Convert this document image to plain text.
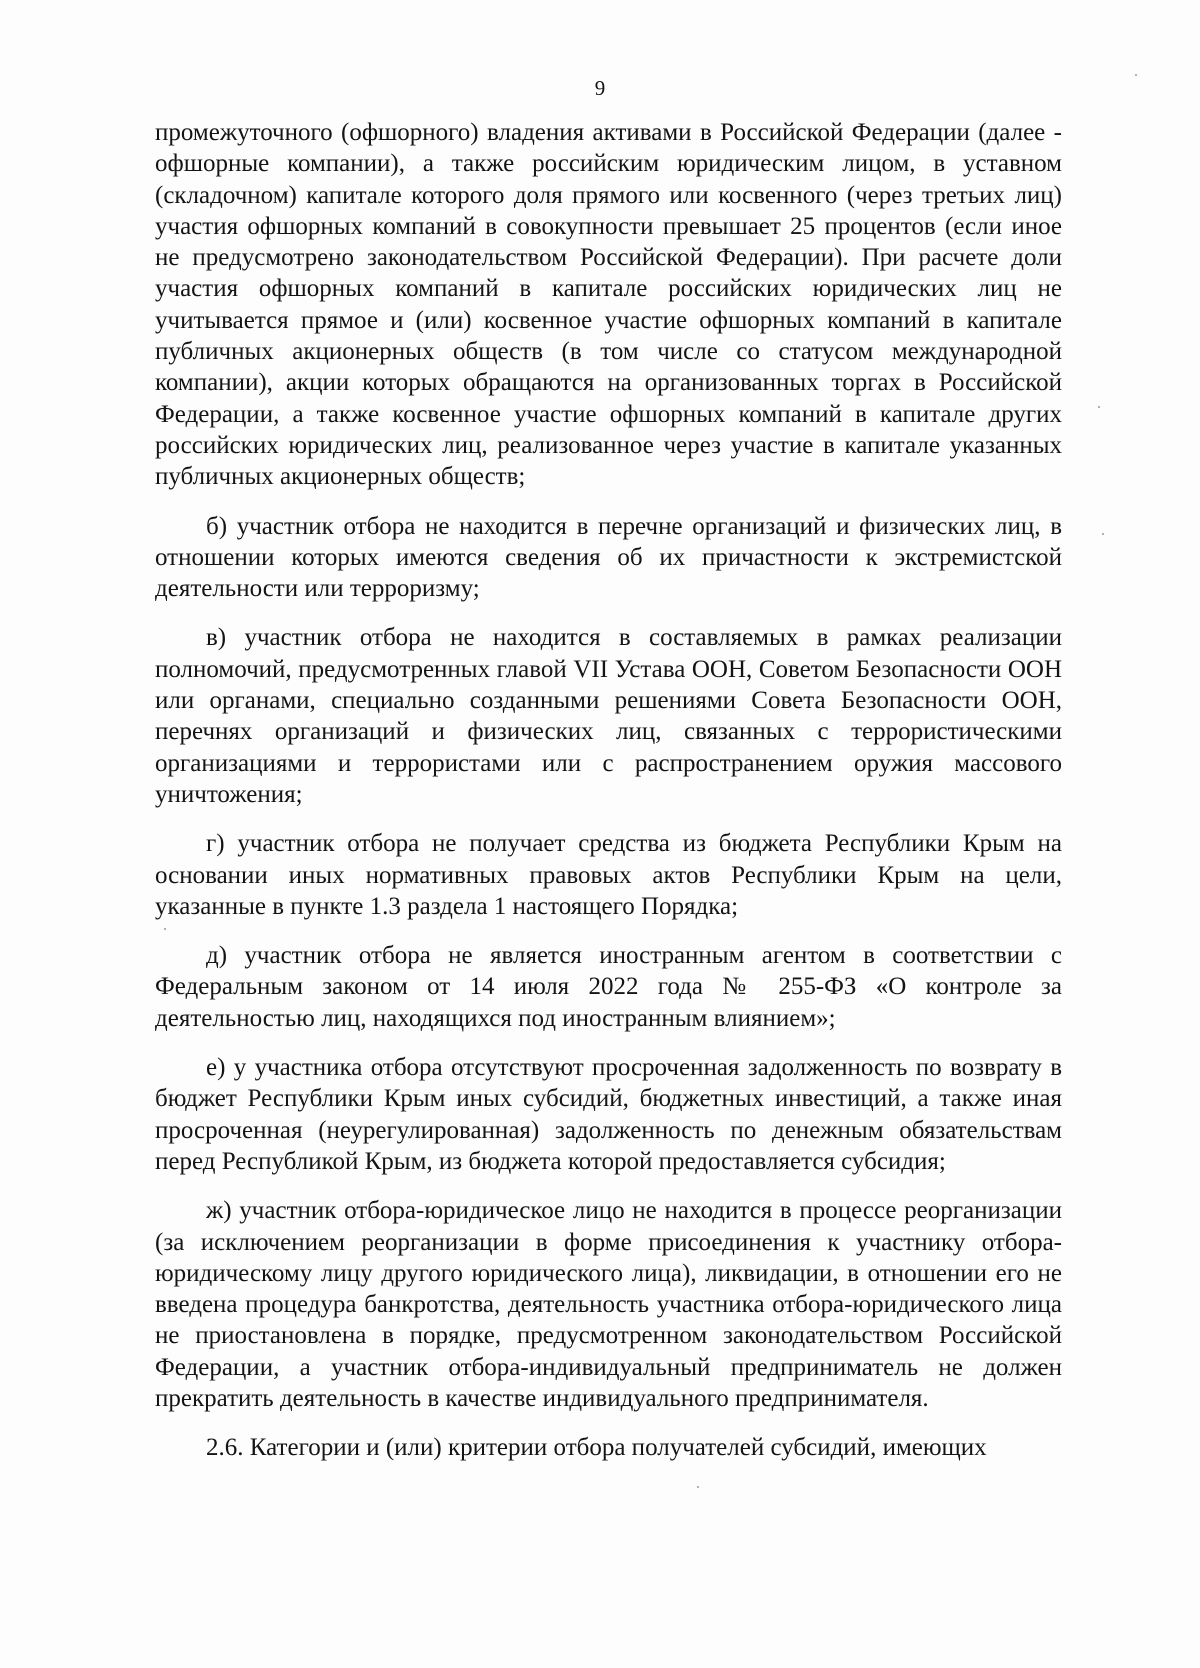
9

промежуточного (офшорного) владения активами в Российской Федерации (далее - офшорные компании), а также российским юридическим лицом, в уставном (складочном) капитале которого доля прямого или косвенного (через третьих лиц) участия офшорных компаний в совокупности превышает 25 процентов (если иное не предусмотрено законодательством Российской Федерации). При расчете доли участия офшорных компаний в капитале российских юридических лиц не учитывается прямое и (или) косвенное участие офшорных компаний в капитале публичных акционерных обществ (в том числе со статусом международной компании), акции которых обращаются на организованных торгах в Российской Федерации, а также косвенное участие офшорных компаний в капитале других российских юридических лиц, реализованное через участие в капитале указанных публичных акционерных обществ;

б) участник отбора не находится в перечне организаций и физических лиц, в отношении которых имеются сведения об их причастности к экстремистской деятельности или терроризму;

в) участник отбора не находится в составляемых в рамках реализации полномочий, предусмотренных главой VII Устава ООН, Советом Безопасности ООН или органами, специально созданными решениями Совета Безопасности ООН, перечнях организаций и физических лиц, связанных с террористическими организациями и террористами или с распространением оружия массового уничтожения;

г) участник отбора не получает средства из бюджета Республики Крым на основании иных нормативных правовых актов Республики Крым на цели, указанные в пункте 1.3 раздела 1 настоящего Порядка;

д) участник отбора не является иностранным агентом в соответствии с Федеральным законом от 14 июля 2022 года № 255-ФЗ «О контроле за деятельностью лиц, находящихся под иностранным влиянием»;

е) у участника отбора отсутствуют просроченная задолженность по возврату в бюджет Республики Крым иных субсидий, бюджетных инвестиций, а также иная просроченная (неурегулированная) задолженность по денежным обязательствам перед Республикой Крым, из бюджета которой предоставляется субсидия;

ж) участник отбора-юридическое лицо не находится в процессе реорганизации (за исключением реорганизации в форме присоединения к участнику отбора-юридическому лицу другого юридического лица), ликвидации, в отношении его не введена процедура банкротства, деятельность участника отбора-юридического лица не приостановлена в порядке, предусмотренном законодательством Российской Федерации, а участник отбора-индивидуальный предприниматель не должен прекратить деятельность в качестве индивидуального предпринимателя.

2.6. Категории и (или) критерии отбора получателей субсидий, имеющих
